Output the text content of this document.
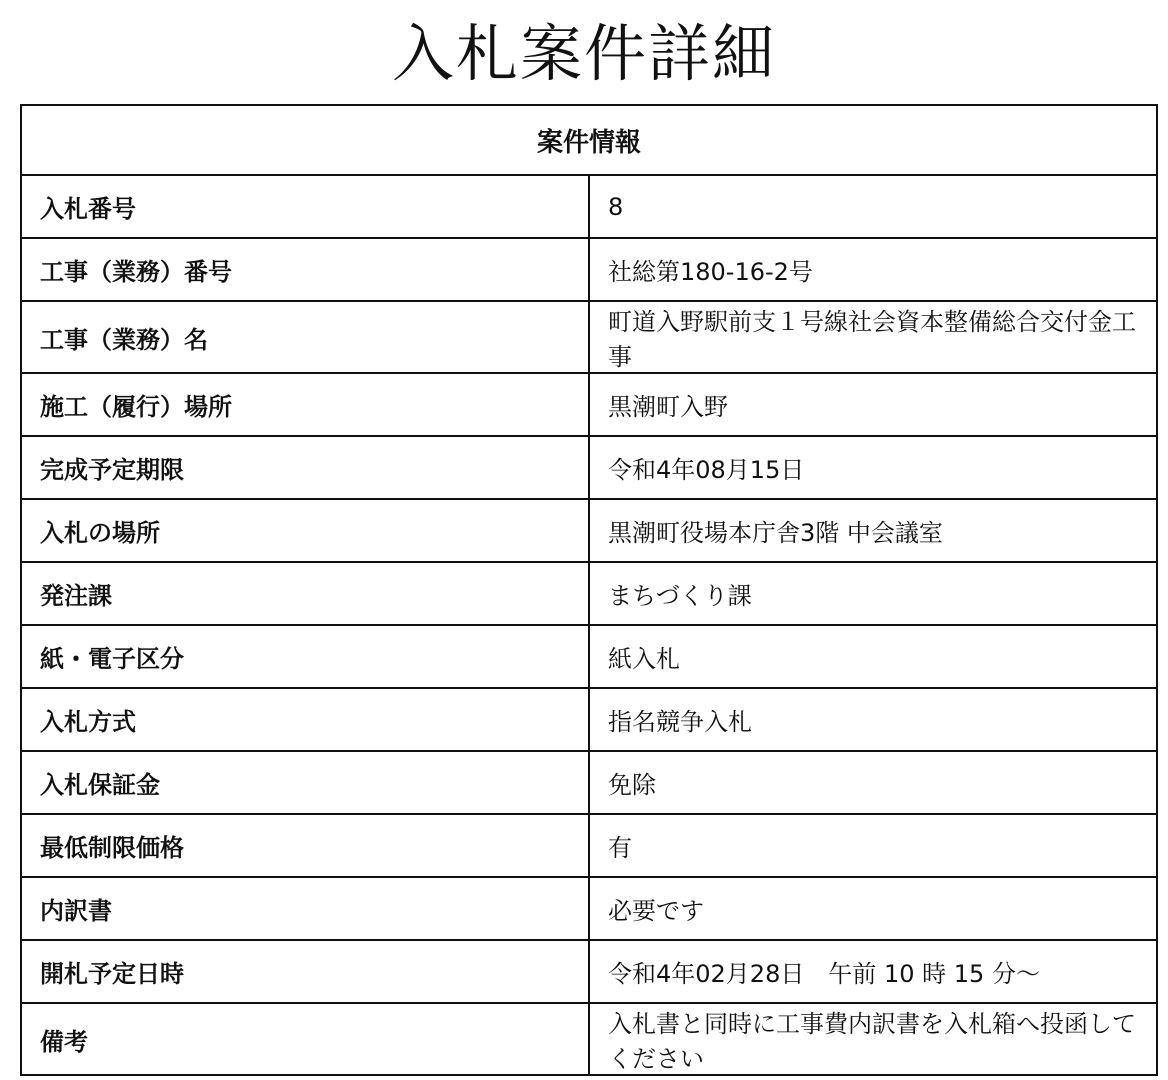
入札案件詳細
案件情報	
入札番号	8
工事（業務）番号	社総第180-16-2号
工事（業務）名	町道入野駅前支１号線社会資本整備総合交付金工事
施工（履行）場所	黒潮町入野
完成予定期限	令和4年08月15日
入札の場所	黒潮町役場本庁舎3階 中会議室
発注課	まちづくり課
紙・電子区分	紙入札
入札方式	指名競争入札
入札保証金	免除
最低制限価格	有
内訳書	必要です
開札予定日時	令和4年02月28日　午前 10 時 15 分～
備考	入札書と同時に工事費内訳書を入札箱へ投函してください
